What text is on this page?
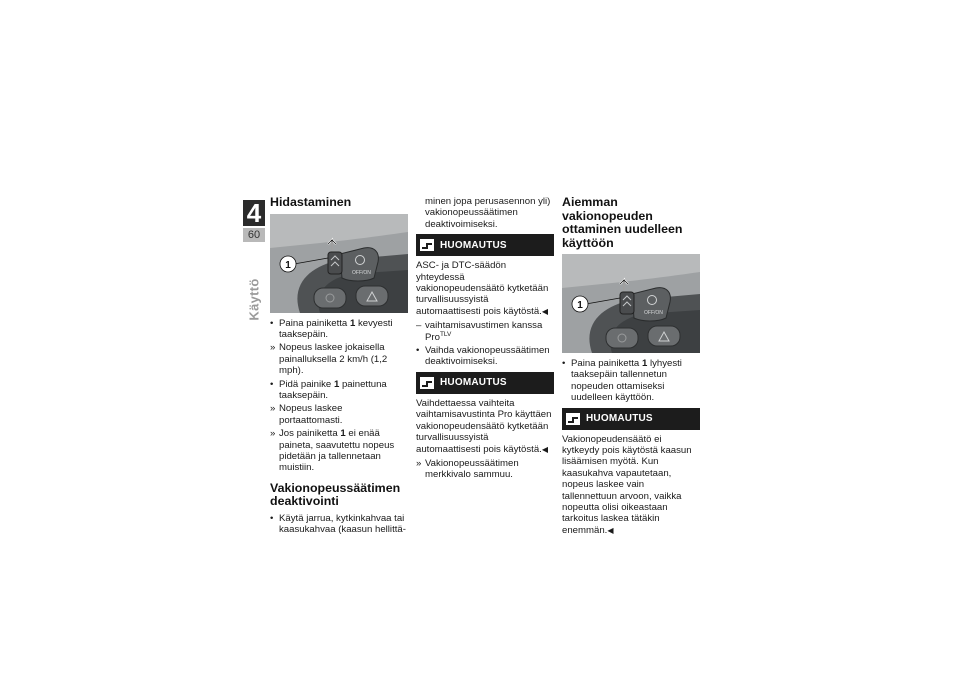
4
60
Käyttö
Hidastaminen
OFF/ON
1
• Paina painiketta 1 kevyesti taaksepäin.
» Nopeus laskee jokaisella painalluksella 2 km/h (1,2 mph).
• Pidä painike 1 painettuna taaksepäin.
» Nopeus laskee portaattomasti.
» Jos painiketta 1 ei enää paineta, saavutettu nopeus pidetään ja tallennetaan muistiin.
Vakionopeussäätimen deaktivointi
• Käytä jarrua, kytkinkahvaa tai kaasukahvaa (kaasun hellittä-

minen jopa perusasennon yli) vakionopeussäätimen deaktivoimiseksi.

HUOMAUTUS

ASC- ja DTC-säädön yhteydessä vakionopeudensäätö kytketään turvallisuussyistä automaattisesti pois käytöstä.◀

– vaihtamisavustimen kanssa Pro$^{TLV}$
• Vaihda vakionopeussäätimen deaktivoimiseksi.
HUOMAUTUS

Vaihdettaessa vaihteita vaihtamisavustinta Pro käyttäen vakionopeudensäätö kytketään turvallisuussyistä automaattisesti pois käytöstä.◀

» Vakionopeussäätimen merkkivalo sammuu.
Aiemman vakionopeuden ottaminen uudelleen käyttöön
OFF/ON
1
• Paina painiketta 1 lyhyesti taaksepäin tallennetun nopeuden ottamiseksi uudelleen käyttöön.
HUOMAUTUS

Vakionopeudensäätö ei kytkeydy pois käytöstä kaasun lisäämisen myötä. Kun kaasukahva vapautetaan, nopeus laskee vain tallennettuun arvoon, vaikka nopeutta olisi oikeastaan tarkoitus laskea tätäkin enemmän.◀
